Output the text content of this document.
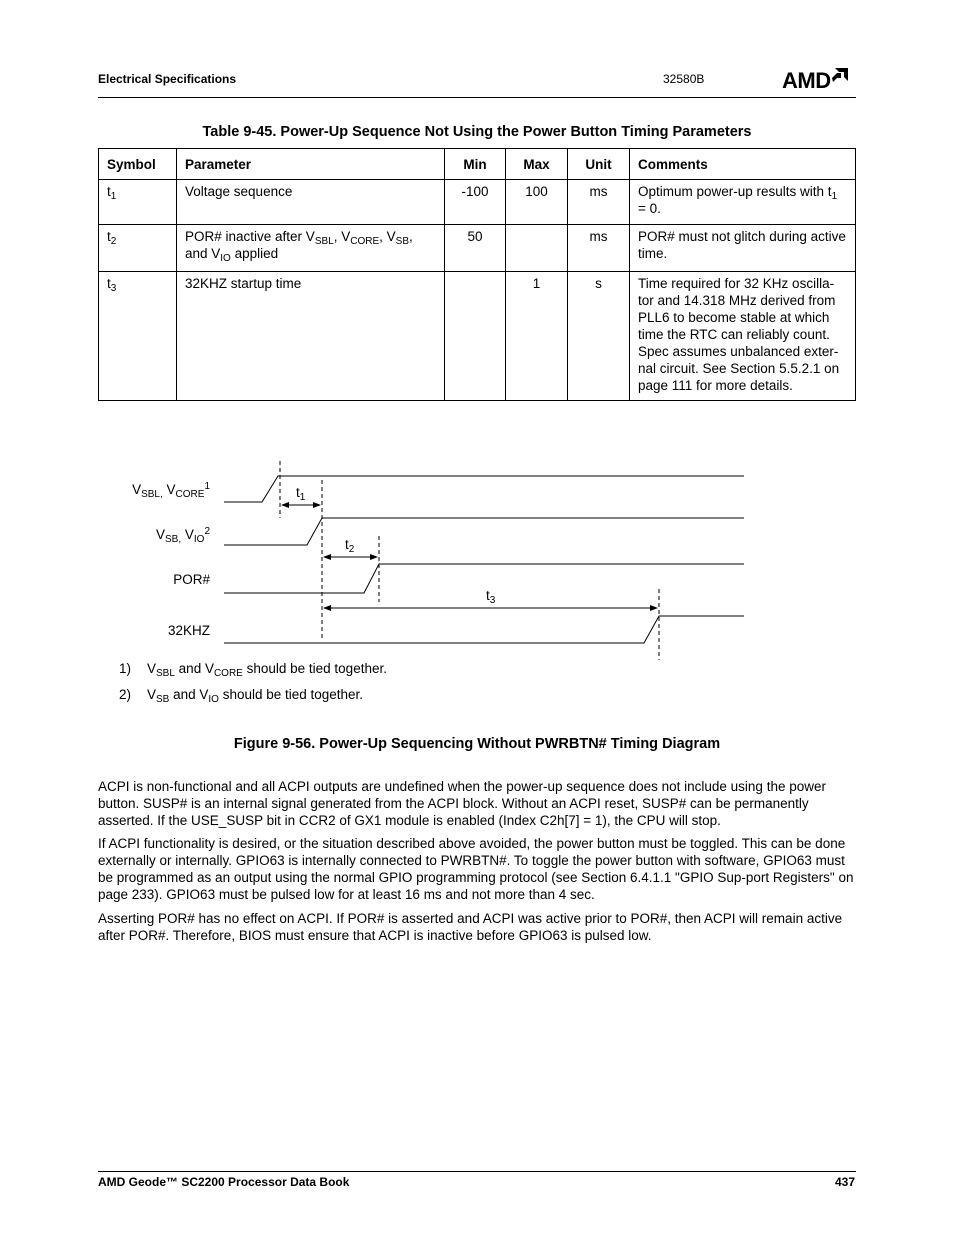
Electrical Specifications	32580B	AMD
Table 9-45. Power-Up Sequence Not Using the Power Button Timing Parameters
Symbol	Parameter	Min	Max	Unit	Comments
$t_1$	Voltage sequence	-100	100	ms	Optimum power-up results with $t_1 = 0$.
$t_2$	POR# inactive after $V_{SBL}$, $V_{CORE}$, $V_{SB}$,
and $V_{IO}$ applied	50		ms	POR# must not glitch during active time.
$t_3$	32KHZ startup time		1	s	Time required for 32 KHz oscilla-tor and 14.318 MHz derived from PLL6 to become stable at which time the RTC can reliably count. Spec assumes unbalanced exter-nal circuit. See Section 5.5.2.1 on page 111 for more details.
$V_{SBL,}$ $V_{CORE}^1$
$V_{SB,}$ $V_{IO}^2$
POR#
32KHZ
$t_1$
$t_2$
$t_3$
1) $V_{SBL}$ and $V_{CORE}$ should be tied together.
2) $V_{SB}$ and $V_{IO}$ should be tied together.
Figure 9-56. Power-Up Sequencing Without PWRBTN# Timing Diagram
ACPI is non-functional and all ACPI outputs are undefined when the power-up sequence does not include using the power button. SUSP# is an internal signal generated from the ACPI block. Without an ACPI reset, SUSP# can be permanently asserted. If the USE_SUSP bit in CCR2 of GX1 module is enabled (Index C2h[7] = 1), the CPU will stop.
If ACPI functionality is desired, or the situation described above avoided, the power button must be toggled. This can be done externally or internally. GPIO63 is internally connected to PWRBTN#. To toggle the power button with software, GPIO63 must be programmed as an output using the normal GPIO programming protocol (see Section 6.4.1.1 "GPIO Sup-port Registers" on page 233). GPIO63 must be pulsed low for at least 16 ms and not more than 4 sec.
Asserting POR# has no effect on ACPI. If POR# is asserted and ACPI was active prior to POR#, then ACPI will remain active after POR#. Therefore, BIOS must ensure that ACPI is inactive before GPIO63 is pulsed low.
AMD Geode™ SC2200 Processor Data Book	437
